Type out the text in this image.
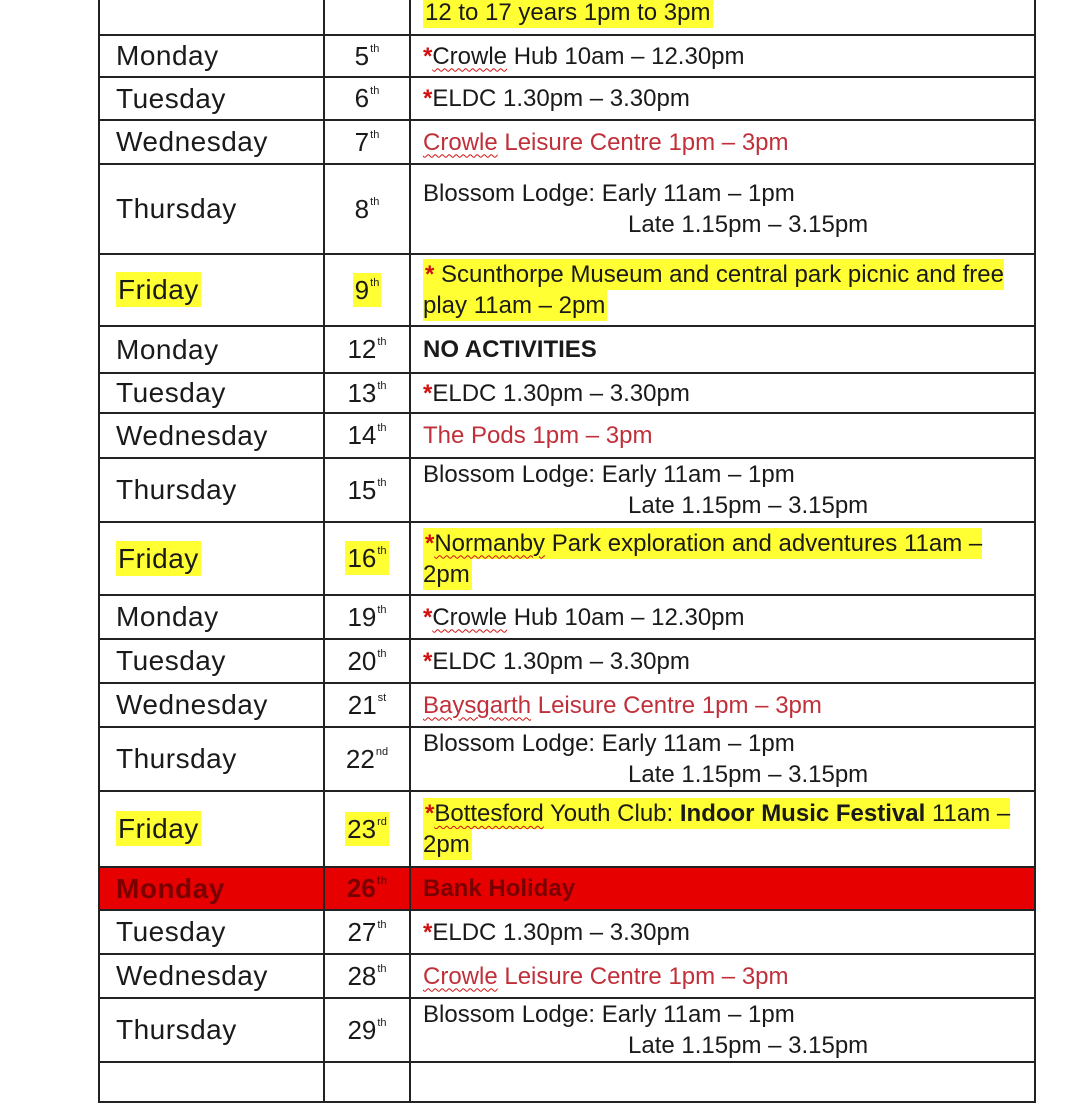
		12 to 17 years 1pm to 3pm
Monday	5th	*Crowle Hub 10am – 12.30pm
Tuesday	6th	*ELDC 1.30pm – 3.30pm
Wednesday	7th	Crowle Leisure Centre 1pm – 3pm
Thursday	8th	Blossom Lodge: Early 11am – 1pm
Late 1.15pm – 3.15pm

Friday	9th	* Scunthorpe Museum and central park picnic and free play 11am – 2pm
Monday	12th	NO ACTIVITIES
Tuesday	13th	*ELDC 1.30pm – 3.30pm
Wednesday	14th	The Pods 1pm – 3pm
Thursday	15th	Blossom Lodge: Early 11am – 1pm
Late 1.15pm – 3.15pm

Friday	16th	*Normanby Park exploration and adventures 11am – 2pm
Monday	19th	*Crowle Hub 10am – 12.30pm
Tuesday	20th	*ELDC 1.30pm – 3.30pm
Wednesday	21st	Baysgarth Leisure Centre 1pm – 3pm
Thursday	22nd	Blossom Lodge: Early 11am – 1pm
Late 1.15pm – 3.15pm

Friday	23rd	*Bottesford Youth Club: Indoor Music Festival 11am – 2pm
Monday	26th	Bank Holiday
Tuesday	27th	*ELDC 1.30pm – 3.30pm
Wednesday	28th	Crowle Leisure Centre 1pm – 3pm
Thursday	29th	Blossom Lodge: Early 11am – 1pm
Late 1.15pm – 3.15pm
